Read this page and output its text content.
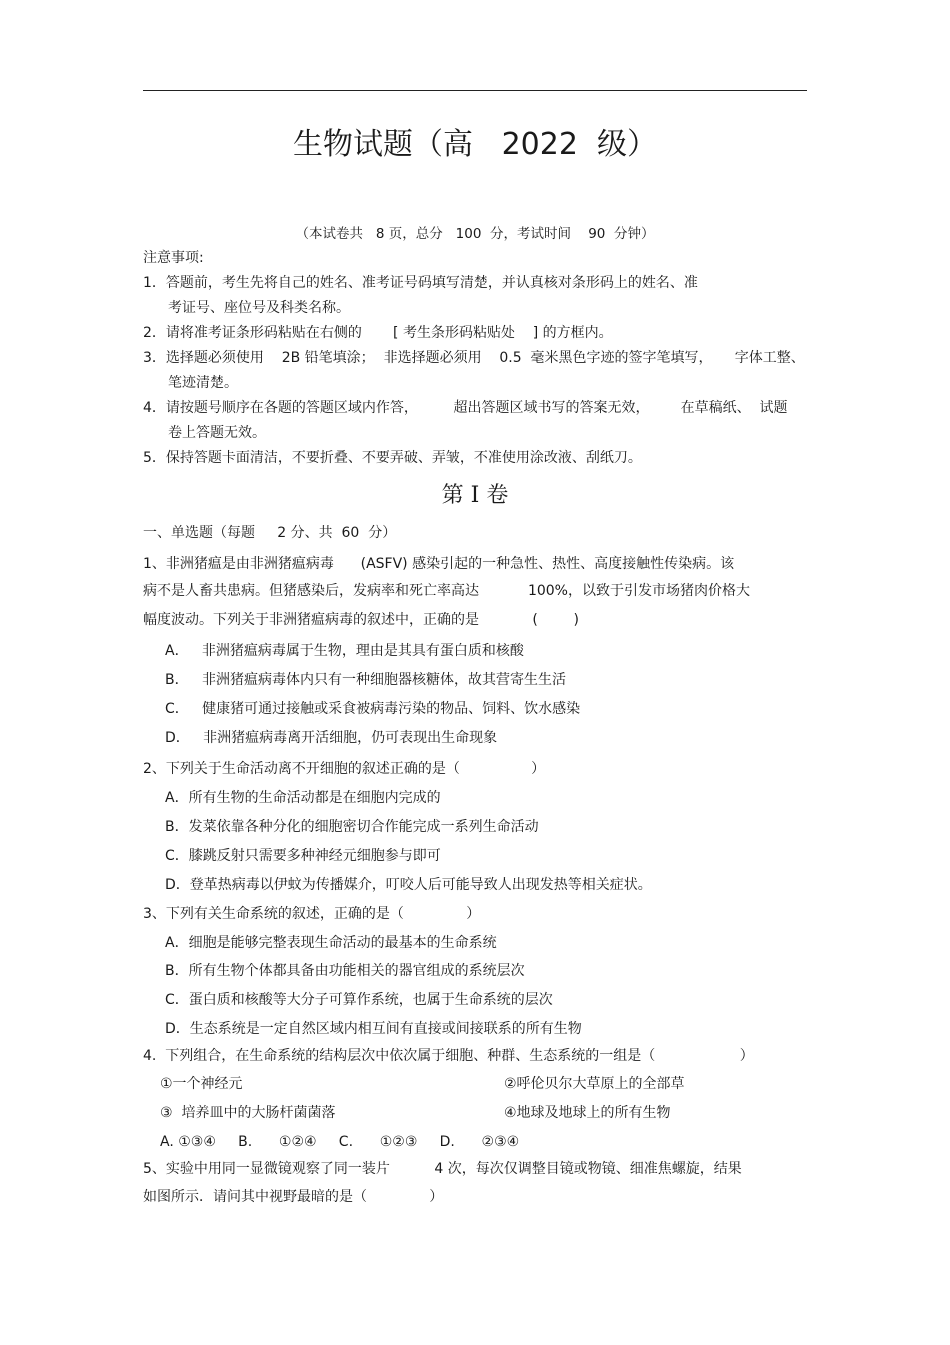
生物试题（高   2022  级）
（本试卷共   8 页，总分   100  分，考试时间    90  分钟）
注意事项:
1．答题前，考生先将自己的姓名、准考证号码填写清楚，并认真核对条形码上的姓名、准
考证号、座位号及科类名称。
2．请将准考证条形码粘贴在右侧的       [ 考生条形码粘贴处    ] 的方框内。
3．选择题必须使用    2B 铅笔填涂；  非选择题必须用    0.5  毫米黑色字迹的签字笔填写，     字体工整、
笔迹清楚。
4．请按题号顺序在各题的答题区域内作答，        超出答题区域书写的答案无效，       在草稿纸、  试题
卷上答题无效。
5．保持答题卡面清洁，不要折叠、不要弄破、弄皱，不准使用涂改液、刮纸刀。
第 I 卷
一、单选题（每题     2 分、共  60  分）
1、非洲猪瘟是由非洲猪瘟病毒      (ASFV) 感染引起的一种急性、热性、高度接触性传染病。该
病不是人畜共患病。但猪感染后，发病率和死亡率高达           100%，以致于引发市场猪肉价格大
幅度波动。下列关于非洲猪瘟病毒的叙述中，正确的是            (        )
A．   非洲猪瘟病毒属于生物，理由是其具有蛋白质和核酸
B．   非洲猪瘟病毒体内只有一种细胞器核糖体，故其营寄生生活
C．   健康猪可通过接触或采食被病毒污染的物品、饲料、饮水感染
D．   非洲猪瘟病毒离开活细胞，仍可表现出生命现象
2、下列关于生命活动离不开细胞的叙述正确的是（                ）
A．所有生物的生命活动都是在细胞内完成的
B．发菜依靠各种分化的细胞密切合作能完成一系列生命活动
C．膝跳反射只需要多种神经元细胞参与即可
D．登革热病毒以伊蚊为传播媒介，叮咬人后可能导致人出现发热等相关症状。
3、下列有关生命系统的叙述，正确的是（              ）
A．细胞是能够完整表现生命活动的最基本的生命系统
B．所有生物个体都具备由功能相关的器官组成的系统层次
C．蛋白质和核酸等大分子可算作系统，也属于生命系统的层次
D．生态系统是一定自然区域内相互间有直接或间接联系的所有生物
4.  下列组合，在生命系统的结构层次中依次属于细胞、种群、生态系统的一组是（                   ）
①一个神经元	②呼伦贝尔大草原上的全部草
③  培养皿中的大肠杆菌菌落	④地球及地球上的所有生物
A. ①③④     B.      ①②④     C.      ①②③     D.      ②③④
5、实验中用同一显微镜观察了同一装片          4 次，每次仅调整目镜或物镜、细准焦螺旋，结果
如图所示．请问其中视野最暗的是（              ）
